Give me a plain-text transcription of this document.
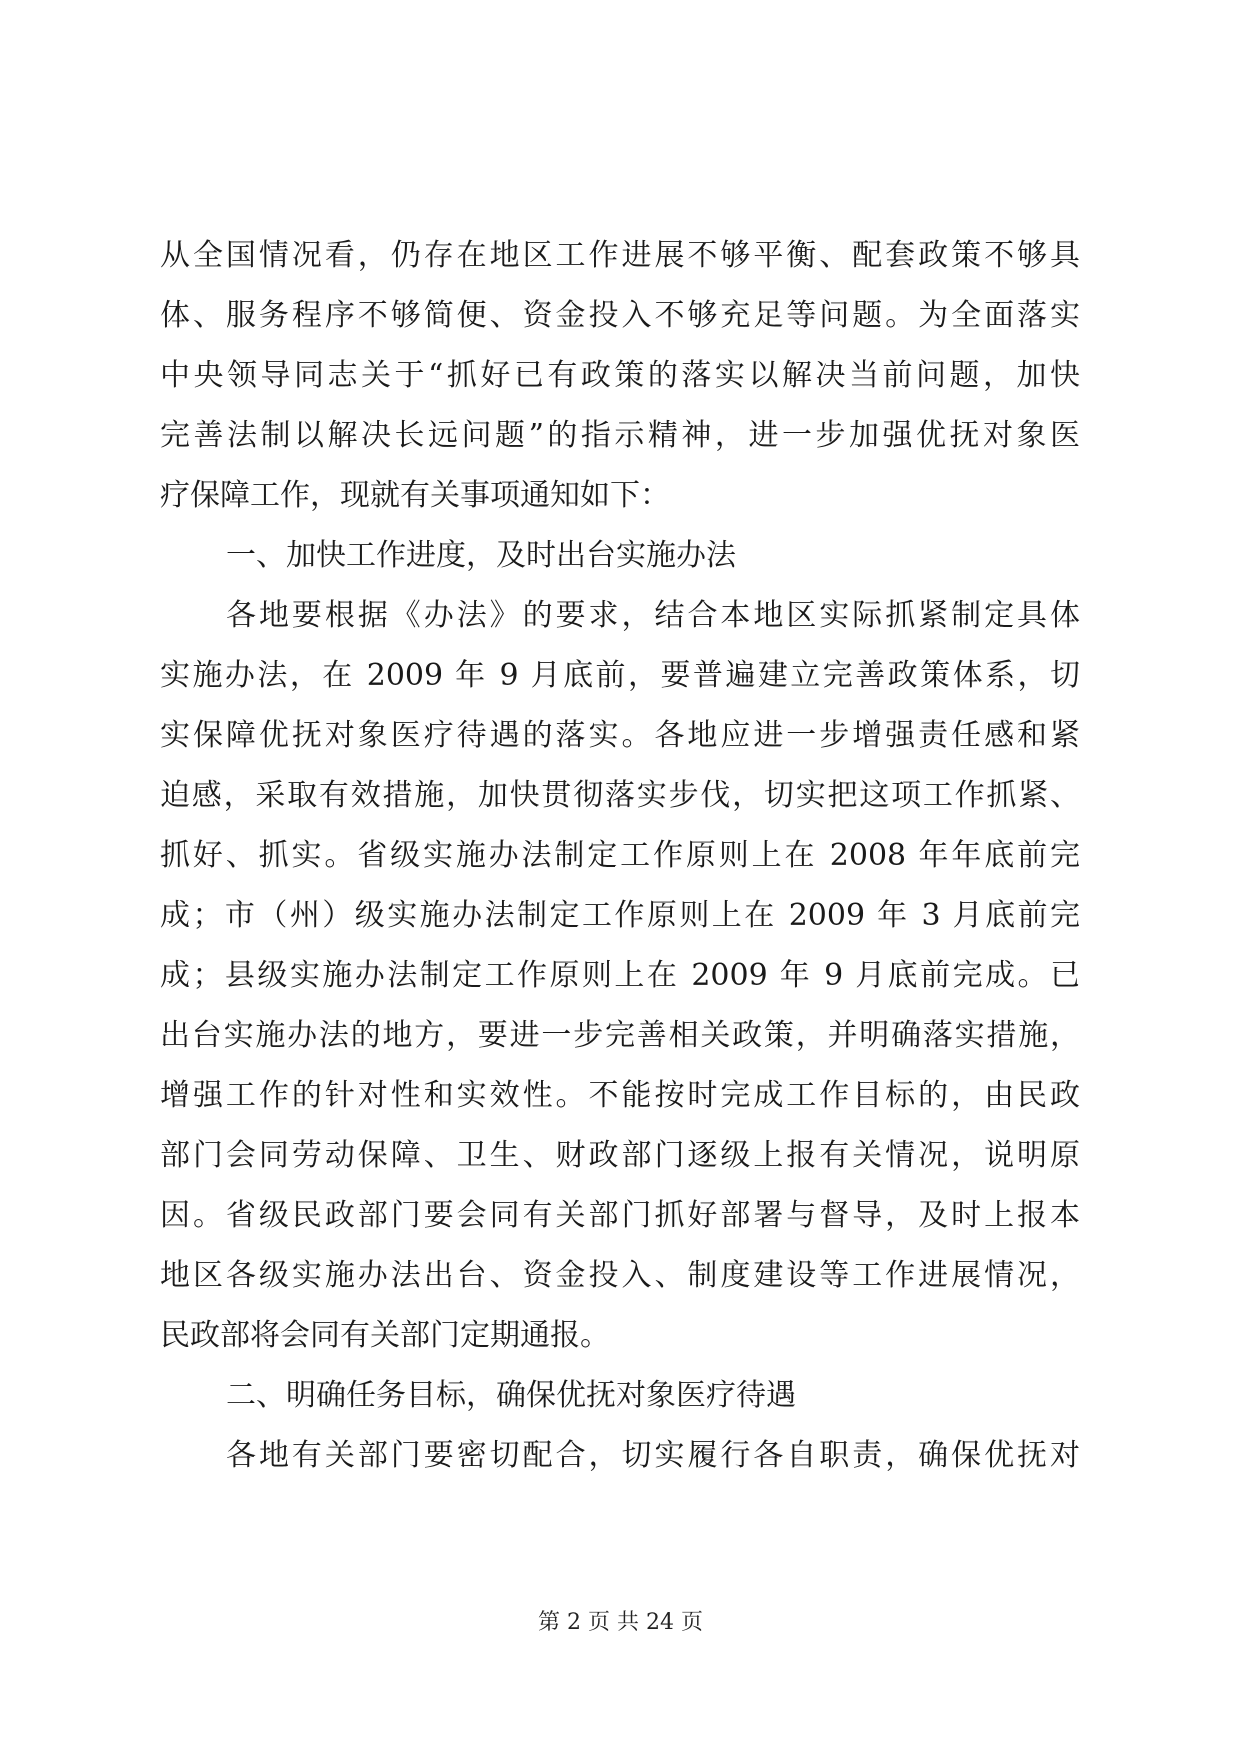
从全国情况看，仍存在地区工作进展不够平衡、配套政策不够具
体、服务程序不够简便、资金投入不够充足等问题。为全面落实
中央领导同志关于“抓好已有政策的落实以解决当前问题，加快
完善法制以解决长远问题”的指示精神，进一步加强优抚对象医
疗保障工作，现就有关事项通知如下：
一、加快工作进度，及时出台实施办法
各地要根据《办法》的要求，结合本地区实际抓紧制定具体
实施办法，在 2009 年 9 月底前，要普遍建立完善政策体系，切
实保障优抚对象医疗待遇的落实。各地应进一步增强责任感和紧
迫感，采取有效措施，加快贯彻落实步伐，切实把这项工作抓紧、
抓好、抓实。省级实施办法制定工作原则上在 2008 年年底前完
成；市（州）级实施办法制定工作原则上在 2009 年 3 月底前完
成；县级实施办法制定工作原则上在 2009 年 9 月底前完成。已
出台实施办法的地方，要进一步完善相关政策，并明确落实措施，
增强工作的针对性和实效性。不能按时完成工作目标的，由民政
部门会同劳动保障、卫生、财政部门逐级上报有关情况，说明原
因。省级民政部门要会同有关部门抓好部署与督导，及时上报本
地区各级实施办法出台、资金投入、制度建设等工作进展情况，
民政部将会同有关部门定期通报。
二、明确任务目标，确保优抚对象医疗待遇
各地有关部门要密切配合，切实履行各自职责，确保优抚对
第 2 页 共 24 页
